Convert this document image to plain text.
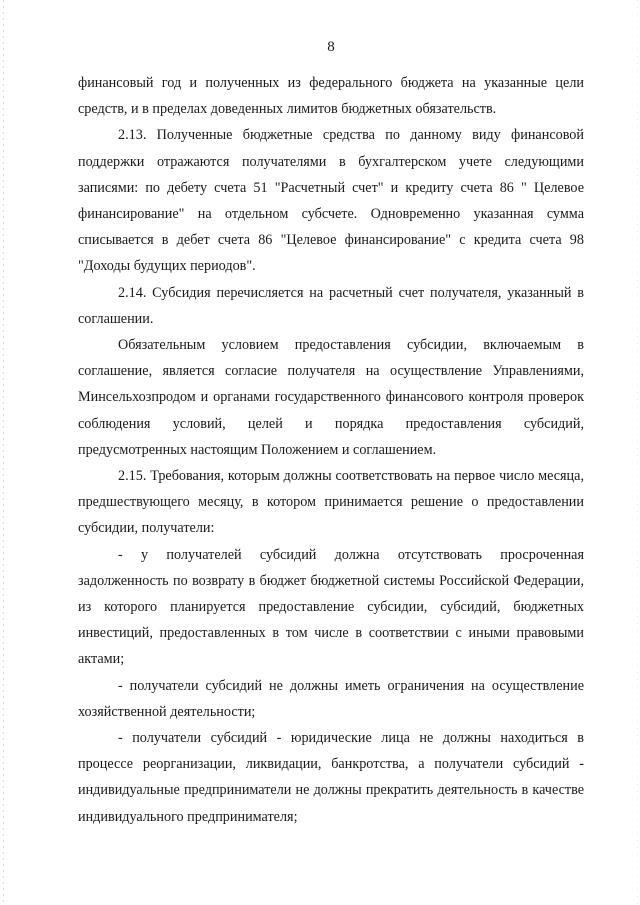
8

финансовый год и полученных из федерального бюджета на указанные цели средств, и в пределах доведенных лимитов бюджетных обязательств.

2.13. Полученные бюджетные средства по данному виду финансовой поддержки отражаются получателями в бухгалтерском учете следующими записями: по дебету счета 51 "Расчетный счет" и кредиту счета 86 " Целевое финансирование" на отдельном субсчете. Одновременно указанная сумма списывается в дебет счета 86 "Целевое финансирование" с кредита счета 98 "Доходы будущих периодов".

2.14. Субсидия перечисляется на расчетный счет получателя, указанный в соглашении.

Обязательным условием предоставления субсидии, включаемым в соглашение, является согласие получателя на осуществление Управлениями, Минсельхозпродом и органами государственного финансового контроля проверок соблюдения условий, целей и порядка предоставления субсидий, предусмотренных настоящим Положением и соглашением.

2.15. Требования, которым должны соответствовать на первое число месяца, предшествующего месяцу, в котором принимается решение о предоставлении субсидии, получатели:

- у получателей субсидий должна отсутствовать просроченная задолженность по возврату в бюджет бюджетной системы Российской Федерации, из которого планируется предоставление субсидии, субсидий, бюджетных инвестиций, предоставленных в том числе в соответствии с иными правовыми актами;

- получатели субсидий не должны иметь ограничения на осуществление хозяйственной деятельности;

- получатели субсидий - юридические лица не должны находиться в процессе реорганизации, ликвидации, банкротства, а получатели субсидий - индивидуальные предприниматели не должны прекратить деятельность в качестве индивидуального предпринимателя;
